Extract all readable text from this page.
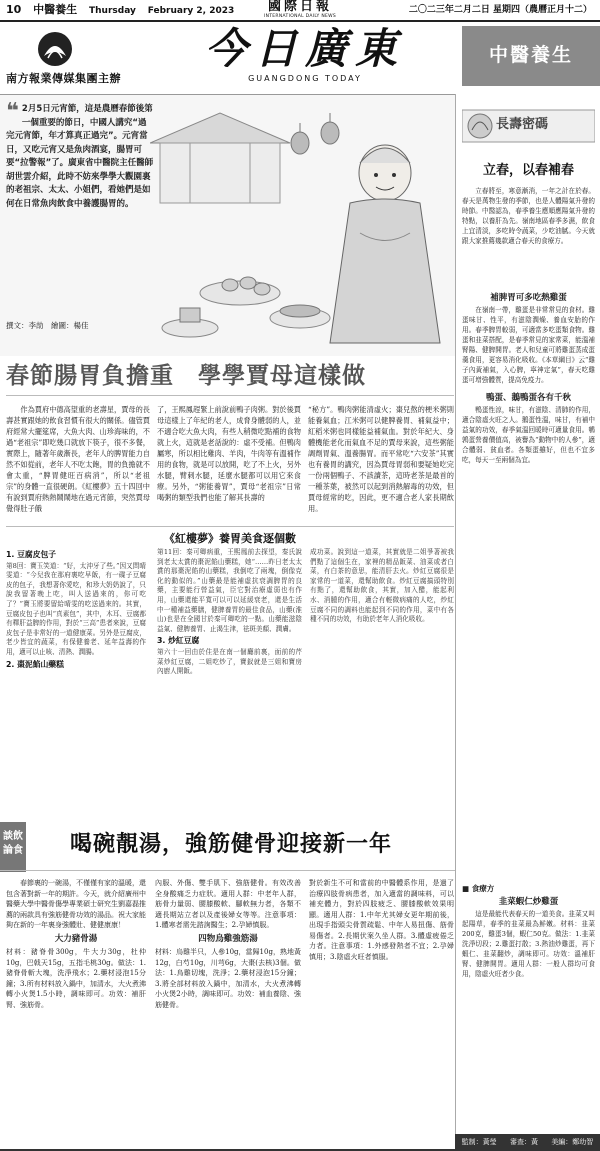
10 中醫養生 Thursday February 2, 2023	國際日報
INTERNATIONAL DAILY NEWS
二〇二三年二月二日 星期四（農曆正月十二）
南方報業傳媒集團主辦
今日廣東
GUANGDONG TODAY
中醫養生
❝ 2月5日元宵節，這是農曆春節後第一個重要的節日，中國人講究“過完元宵節，年才算真正過完”。元宵當日，又吃元宵又是魚肉酒宴，腸胃可要“拉警報”了。廣東省中醫院主任醫師胡世雲介紹，此時不妨來學學大觀園裏的老祖宗、太太、小姐們，看她們是如何在日常魚肉飲食中養護腸胃的。
撰文：李劼　繪圖：楊佳
春節腸胃負擔重　學學賈母這樣做

作為賈府中德高望重的老壽星，賈母的長壽甚實跟她的飲食習慣有很大的關係。儘管賈府經常大擺筵席，大魚大肉、山珍海味的，不過“老祖宗”即吃幾口就放下筷子，很不多餐，實際上，隨著年歲漸長，老年人的脾胃能力自然不如從前，老年人不吃太飽，胃的負擔就不會太重，“脾胃健旺百病消”，所以“老祖宗”的身體一直很硬朗。《紅樓夢》五十四回中有說到賈府熱熱鬧鬧地在過元宵節，突然賈母覺得肚子餓

了，王熙鳳趕緊上前說前鴨子肉粥。對於後賈母這樣上了年紀的老人，成脅身體弱的人，並不適合吃大魚大肉，有些人稍微吃點補的食物就上火，這就是老話說的：虛不受補。但鴨肉屬寒，所以相比雞肉、羊肉，牛肉等有溫補作用的食物，就是可以放開，吃了不上火，另外水腿，臂刺水腿，延麼水腿都可以用它來食療。另外，“粥能養胃”，賈母“老祖宗”日常喝粥的類型我們也能了解其長壽的

“秘方”。鴨肉粥能清虛火；棗兒熬的梗米粥則能養氣血；江米粥可以健脾養胃、補氣益中；紅稻米粥也同樣能益補氣血。對於年紀大、身體機能老化而氣血不足的賈母來說，這些粥能調劑胃氣、溫養腸胃。而平常吃“六安茶”其實也有養胃的講究，因為賈母胃弱和要疑她吃完一份兩個鴨子、不該讀茶，這時老茶是最首的一種茶葉，被然可以起到消熱解毒的功效，但賈母經常的吃，因此，更不適合老人家長期飲用。

《紅樓夢》養胃美食逐個數
1. 豆腐皮包子
第8回：寶玉笑道：“好，太沖牙了些。”因又問晴雯道：“今兒我在那府裏吃早飯，有一碟子豆腐皮的包子，我想著你愛吃，和珍大奶奶說了，只說我留著晚上吃，叫人送過來的，你可吃了？”寶玉將要留給晴雯的吃送過來的。其實，豆腐皮包子也叫“真素包”，其中，木耳、豆腐都有釋肝益脾的作用，對於“三高”患者來說，豆腐皮包子是非常好的一道健康菜。另外是豆腐皮，老少皆宜的蔬菜，有保健養老、延年益壽的作用，適可以止咳、清熱、潤腸。
2. 棗泥餡山藥糕
第11回：秦可卿病重，王熙鳳前去探望，秦氏說到老太太賞的棗泥餡山藥糕，她“……昨日老太太賞的那棗泥餡的山藥糕，我倒吃了兩塊，倒像克化的動似的。”山藥最是能補虛抗衰調脾胃的良藥，主要能行營益氣，臣它對治療虛弱也有作用，山藥還能平寬可以可以延緩衰老，還是生活中一種補益藥膳，健脾養胃的最佳食品，山藥(淮山)也是在全國甘於秦可卿吃的一點。山藥能滋陰益氣、健脾養胃、止渴生津，祛斑美顏、潤膚。
3. 炒紅豆腐
第六十一回由於住是在南一個廳前裏，面前的芹菜炒紅豆腐，二姐吃炒了，寶釵就是三姐和寶房內廚人開飯。
成功菜。說到這一道菜，其實就是二姐爭著被我們點了這個生在，家裡的精品飯菜、油菜或者白菜，有白茶的意思，能清肝去火。炒紅豆腐很是家常的一道菜，還幫助飲食。炒紅豆腐搞頭特別有點了，還幫助飲食，其實，加入醋，能起利水、消腫的作用，適合有輕微病痛的人吃，炒紅豆腐不同的調料也能起到不同的作用，菜中有各種不同的功效，有助於老年人消化吸收。
談飲論食 喝碗靚湯，強筋健骨迎接新一年

春節裏的一碗湯，不僅僅有家的溫暖，還包含著對新一年的期許。今天，就介紹廣州中醫藥大學中醫骨傷學專業碩士研究生劉嘉磊推薦的兩款具有強筋健骨功效的湯品。祝大家能夠在新的一年裏身強體壯、健健康康！

大力豬骨湯
材料：豬脊骨300g，牛大力30g，杜仲10g，巴戟天15g，五指毛桃30g。做法：1.豬脊骨斬大塊，洗淨飛水；2.藥材浸泡15分鐘；3.所有材料放入鍋中，加清水，大火煮沸轉小火煲1.5小時，調味即可。功效：補肝腎、強筋骨。
內服、外傷、雙手肌下、強筋健骨。有效改善全身酸痛乏力症狀。適用人群：中老年人群，筋骨力量弱、腰膝酸軟、腳軟無力者，各類不適長期站立者以及產後婦女等等。注意事項：1.體寒者需先諮詢醫生；2.孕婦慎服。
四物烏雞強筋湯
材料：烏雞半只，人參10g，當歸10g，熟地黃12g，白芍10g，川芎6g，大棗(去核)3個。做法：1.烏雞切塊，洗淨；2.藥材浸泡15分鐘；3.將全部材料放入鍋中，加清水，大火煮沸轉小火煲2小時，調味即可。功效：補血養陰、強筋健骨。
對於新生不可和當前的中醫體系作用，是過了治療四肢骨病患者，加入適當的調味料，可以補充體力，對於四肢疲乏、腰膝酸軟效果明顯。適用人群：1.中年尤其婦女更年期前後，出現手指頭尖骨質疏鬆、中年人易扭傷、筋骨易傷者。2.長期伏案久坐人群。3.體虛疲倦乏力者。注意事項：1.外感發熱者不宜；2.孕婦慎用；3.陰虛火旺者慎服。
長壽密碼
立春，以春補春

立春將至，寒意漸消，一年之計在於春。春天是萬物生發的季節，也是人體陽氣升發的時節。中醫認為，春季養生應順應陽氣升發的特點，以養肝為先。嶺南地區春季多濕，飲食上宜清淡，多吃時令蔬菜，少吃油膩。今天就跟大家推薦幾款適合春天的食療方。

補脾胃可多吃熱雞蛋

在嶺南一帶，雞蛋是非常常見的食材。雞蛋味甘、性平，有滋陰潤燥、養血安胎的作用。春季脾胃較弱，可適當多吃蛋類食物。雞蛋和韭菜搭配，是春季常見的家常菜，能溫補腎陽、健脾開胃。老人和兒童可將雞蛋蒸成蛋羹食用，更容易消化吸收。《本草綱目》云“雞子內黃補氣，入心脾，寧神定氣”，春天吃雞蛋可增強體質，提高免疫力。

鴨蛋、鵝鴨蛋各有千秋

鴨蛋性涼，味甘，有滋陰、清肺的作用，適合陰虛火旺之人。鵝蛋性溫，味甘，有補中益氣的功效，春季氣溫回暖時可適量食用。鵪鶉蛋營養價值高，被譽為“動物中的人參”，適合體弱、貧血者。各類蛋雖好，但也不宜多吃，每天一至兩個為宜。

■ 食療方
韭菜蝦仁炒雞蛋

這是最能代表春天的一道美食。韭菜又叫起陽草，春季的韭菜最為鮮嫩。材料：韭菜200克，雞蛋3個，蝦仁50克。做法：1.韭菜洗淨切段；2.雞蛋打散；3.熱油炒雞蛋，再下蝦仁、韭菜翻炒，調味即可。功效：溫補肝腎、健脾開胃。適用人群：一般人群均可食用，陰虛火旺者少食。

監制：黃瑩 審查：黃 美編：鄭幼智
